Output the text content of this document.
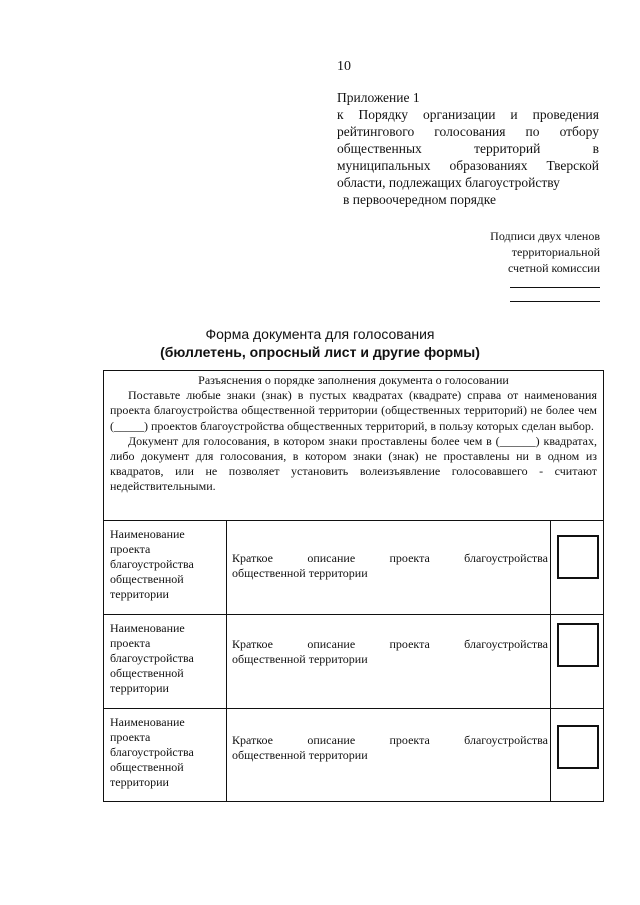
10
Приложение 1
к Порядку организации и проведения
рейтингового голосования по отбору
общественных территорий в
муниципальных образованиях Тверской
области, подлежащих благоустройству
в первоочередном порядке
Подписи двух членов
территориальной
счетной комиссии
Форма документа для голосования
(бюллетень, опросный лист и другие формы)
Разъяснения о порядке заполнения документа о голосовании

Поставьте любые знаки (знак) в пустых квадратах (квадрате) справа от наименования проекта благоустройства общественной территории (общественных территорий) не более чем (_____) проектов благоустройства общественных территорий, в пользу которых сделан выбор.

Документ для голосования, в котором знаки проставлены более чем в (______) квадратах, либо документ для голосования, в котором знаки (знак) не проставлены ни в одном из квадратов, или не позволяет установить волеизъявление голосовавшего - считают недействительными.

Наименование
проекта
благоустройства
общественной
территории
Краткое описание проекта благоустройства
общественной территории
Наименование
проекта
благоустройства
общественной
территории
Краткое описание проекта благоустройства
общественной территории
Наименование
проекта
благоустройства
общественной
территории
Краткое описание проекта благоустройства
общественной территории
